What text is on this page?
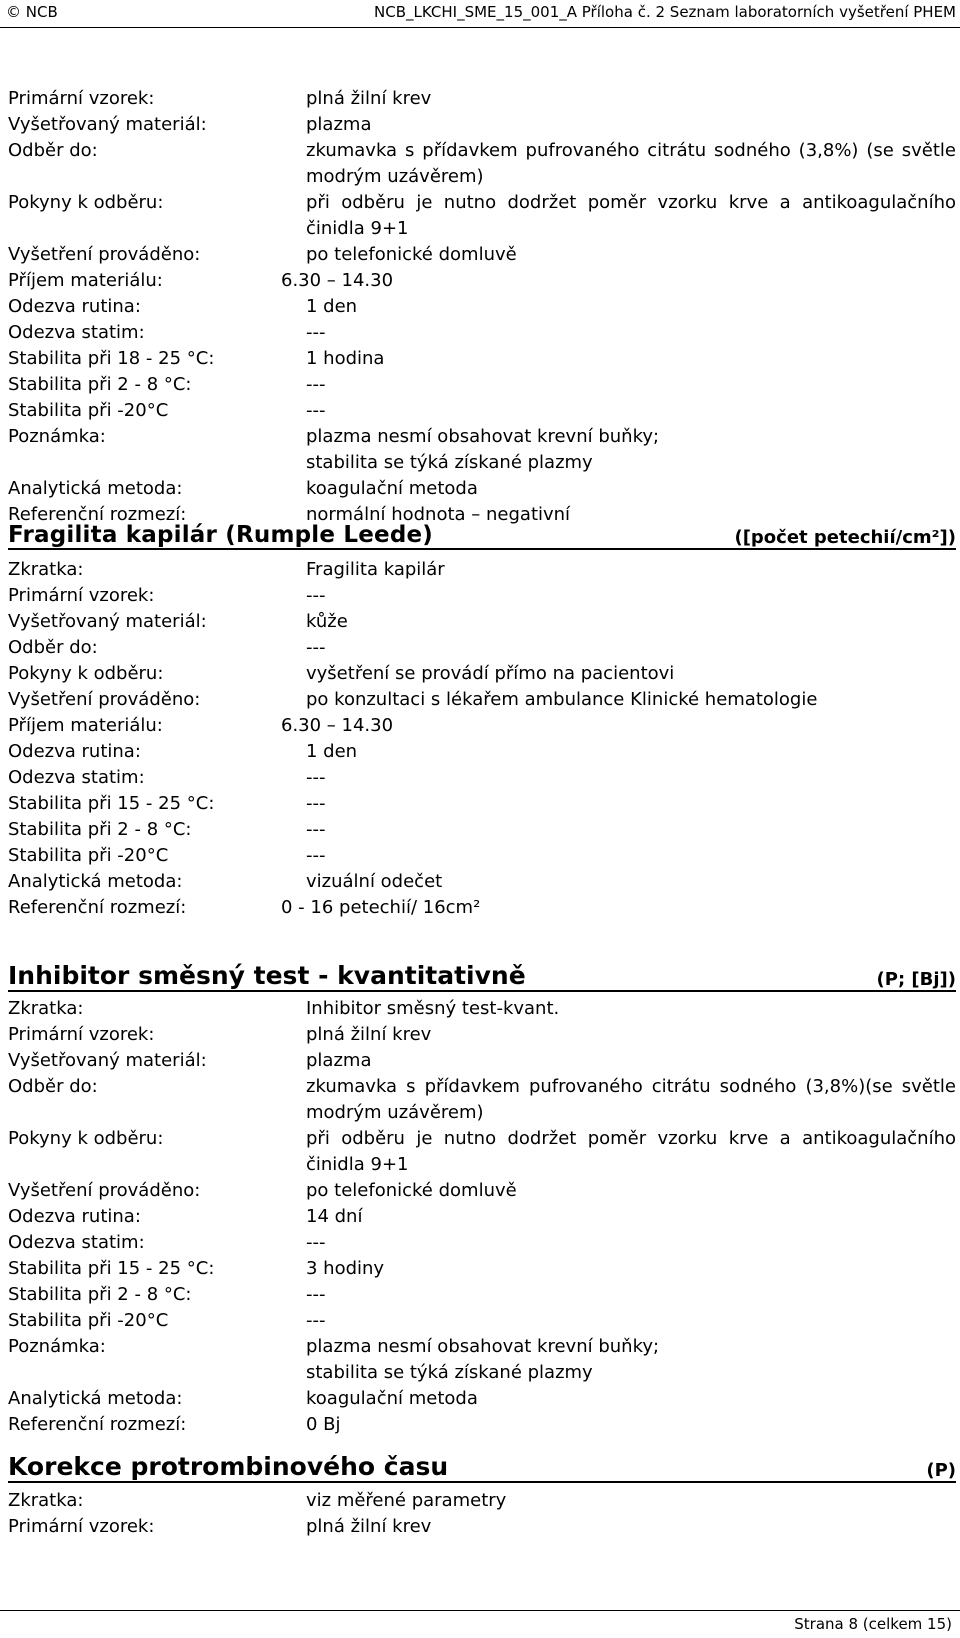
© NCB	NCB_LKCHI_SME_15_001_A Příloha č. 2 Seznam laboratorních vyšetření PHEM
Primární vzorek:	plná žilní krev
Vyšetřovaný materiál:	plazma
Odběr do:	zkumavka s přídavkem pufrovaného citrátu sodného (3,8%) (se světle modrým uzávěrem)
Pokyny k odběru:	při odběru je nutno dodržet poměr vzorku krve a antikoagulačního činidla 9+1
Vyšetření prováděno:	po telefonické domluvě
Příjem materiálu:	6.30 – 14.30
Odezva rutina:	1 den
Odezva statim:	---
Stabilita při 18 - 25 °C:	1 hodina
Stabilita při 2 - 8 °C:	---
Stabilita při -20°C	---
Poznámka:	plazma nesmí obsahovat krevní buňky;
stabilita se týká získané plazmy
Analytická metoda:	koagulační metoda
Referenční rozmezí:	normální hodnota – negativní
Fragilita kapilár (Rumple Leede)	([počet petechií/cm²])
Zkratka:	Fragilita kapilár
Primární vzorek:	---
Vyšetřovaný materiál:	kůže
Odběr do:	---
Pokyny k odběru:	vyšetření se provádí přímo na pacientovi
Vyšetření prováděno:	po konzultaci s lékařem ambulance Klinické hematologie
Příjem materiálu:	6.30 – 14.30
Odezva rutina:	1 den
Odezva statim:	---
Stabilita při 15 - 25 °C:	---
Stabilita při 2 - 8 °C:	---
Stabilita při -20°C	---
Analytická metoda:	vizuální odečet
Referenční rozmezí:	0 - 16 petechií/ 16cm²
Inhibitor směsný test - kvantitativně	(P; [Bj])
Zkratka:	Inhibitor směsný test-kvant.
Primární vzorek:	plná žilní krev
Vyšetřovaný materiál:	plazma
Odběr do:	zkumavka s přídavkem pufrovaného citrátu sodného (3,8%)(se světle modrým uzávěrem)
Pokyny k odběru:	při odběru je nutno dodržet poměr vzorku krve a antikoagulačního činidla 9+1
Vyšetření prováděno:	po telefonické domluvě
Odezva rutina:	14 dní
Odezva statim:	---
Stabilita při 15 - 25 °C:	3 hodiny
Stabilita při 2 - 8 °C:	---
Stabilita při -20°C	---
Poznámka:	plazma nesmí obsahovat krevní buňky;
stabilita se týká získané plazmy
Analytická metoda:	koagulační metoda
Referenční rozmezí:	0 Bj
Korekce protrombinového času	(P)
Zkratka:	viz měřené parametry
Primární vzorek:	plná žilní krev
Strana 8 (celkem 15)
